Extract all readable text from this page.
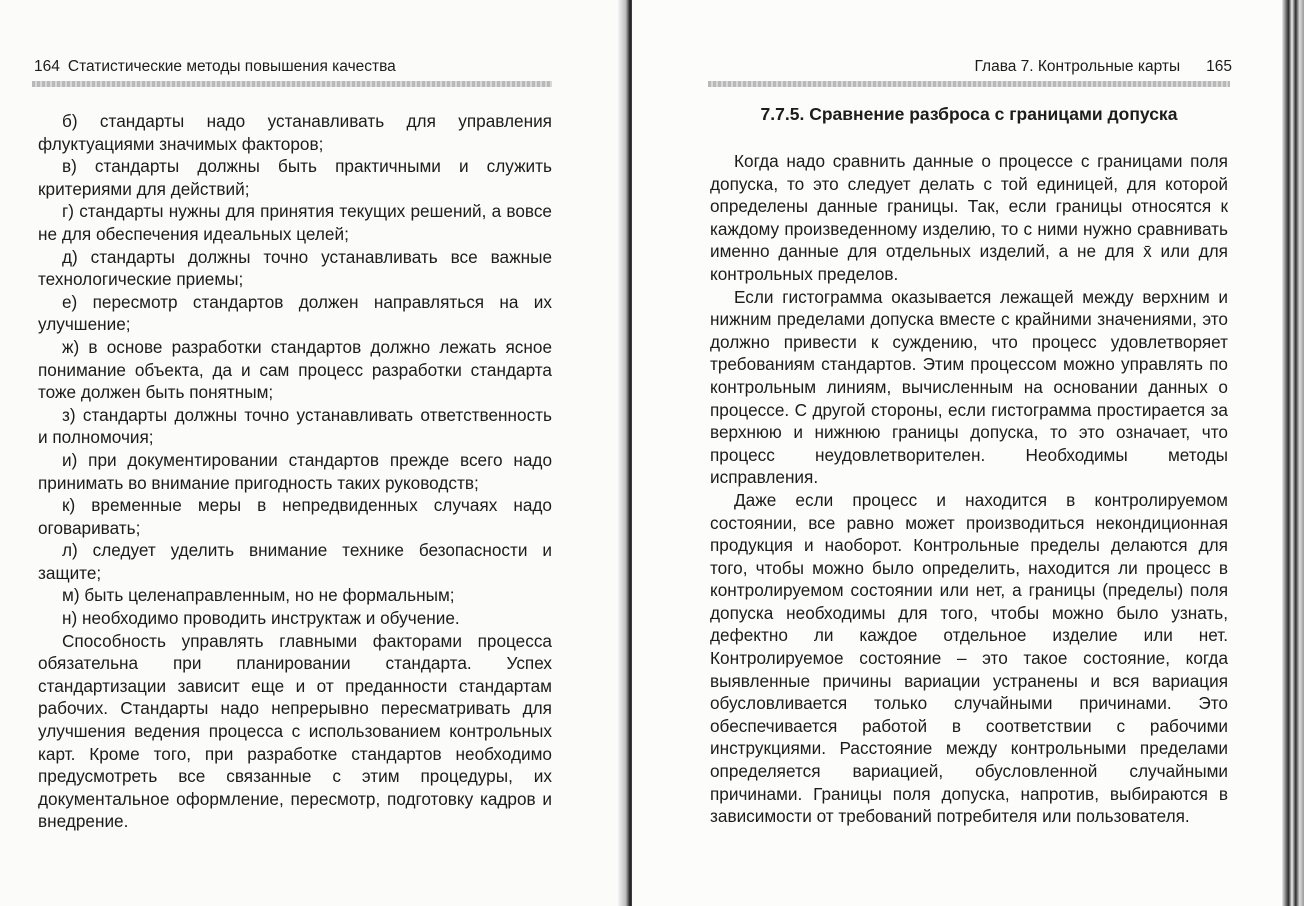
164 Статистические методы повышения качества

б) стандарты надо устанавливать для управления флуктуациями значимых факторов;

в) стандарты должны быть практичными и служить критериями для действий;

г) стандарты нужны для принятия текущих решений, а вовсе не для обеспечения идеальных целей;

д) стандарты должны точно устанавливать все важные технологические приемы;

е) пересмотр стандартов должен направляться на их улучшение;

ж) в основе разработки стандартов должно лежать ясное понимание объекта, да и сам процесс разработки стандарта тоже должен быть понятным;

з) стандарты должны точно устанавливать ответственность и полномочия;

и) при документировании стандартов прежде всего надо принимать во внимание пригодность таких руководств;

к) временные меры в непредвиденных случаях надо оговаривать;

л) следует уделить внимание технике безопасности и защите;

м) быть целенаправленным, но не формальным;

н) необходимо проводить инструктаж и обучение.

Способность управлять главными факторами процесса обязательна при планировании стандарта. Успех стандартизации зависит еще и от преданности стандартам рабочих. Стандарты надо непрерывно пересматривать для улучшения ведения процесса с использованием контрольных карт. Кроме того, при разработке стандартов необходимо предусмотреть все связанные с этим процедуры, их документальное оформление, пересмотр, подготовку кадров и внедрение.

Глава 7. Контрольные карты 165
7.7.5. Сравнение разброса с границами допуска

Когда надо сравнить данные о процессе с границами поля допуска, то это следует делать с той единицей, для которой определены данные границы. Так, если границы относятся к каждому произведенному изделию, то с ними нужно сравнивать именно данные для отдельных изделий, а не для x̄ или для контрольных пределов.

Если гистограмма оказывается лежащей между верхним и нижним пределами допуска вместе с крайними значениями, это должно привести к суждению, что процесс удовлетворяет требованиям стандартов. Этим процессом можно управлять по контрольным линиям, вычисленным на основании данных о процессе. С другой стороны, если гистограмма простирается за верхнюю и нижнюю границы допуска, то это означает, что процесс неудовлетворителен. Необходимы методы исправления.

Даже если процесс и находится в контролируемом состоянии, все равно может производиться некондиционная продукция и наоборот. Контрольные пределы делаются для того, чтобы можно было определить, находится ли процесс в контролируемом состоянии или нет, а границы (пределы) поля допуска необходимы для того, чтобы можно было узнать, дефектно ли каждое отдельное изделие или нет. Контролируемое состояние – это такое состояние, когда выявленные причины вариации устранены и вся вариация обусловливается только случайными причинами. Это обеспечивается работой в соответствии с рабочими инструкциями. Расстояние между контрольными пределами определяется вариацией, обусловленной случайными причинами. Границы поля допуска, напротив, выбираются в зависимости от требований потребителя или пользователя.
